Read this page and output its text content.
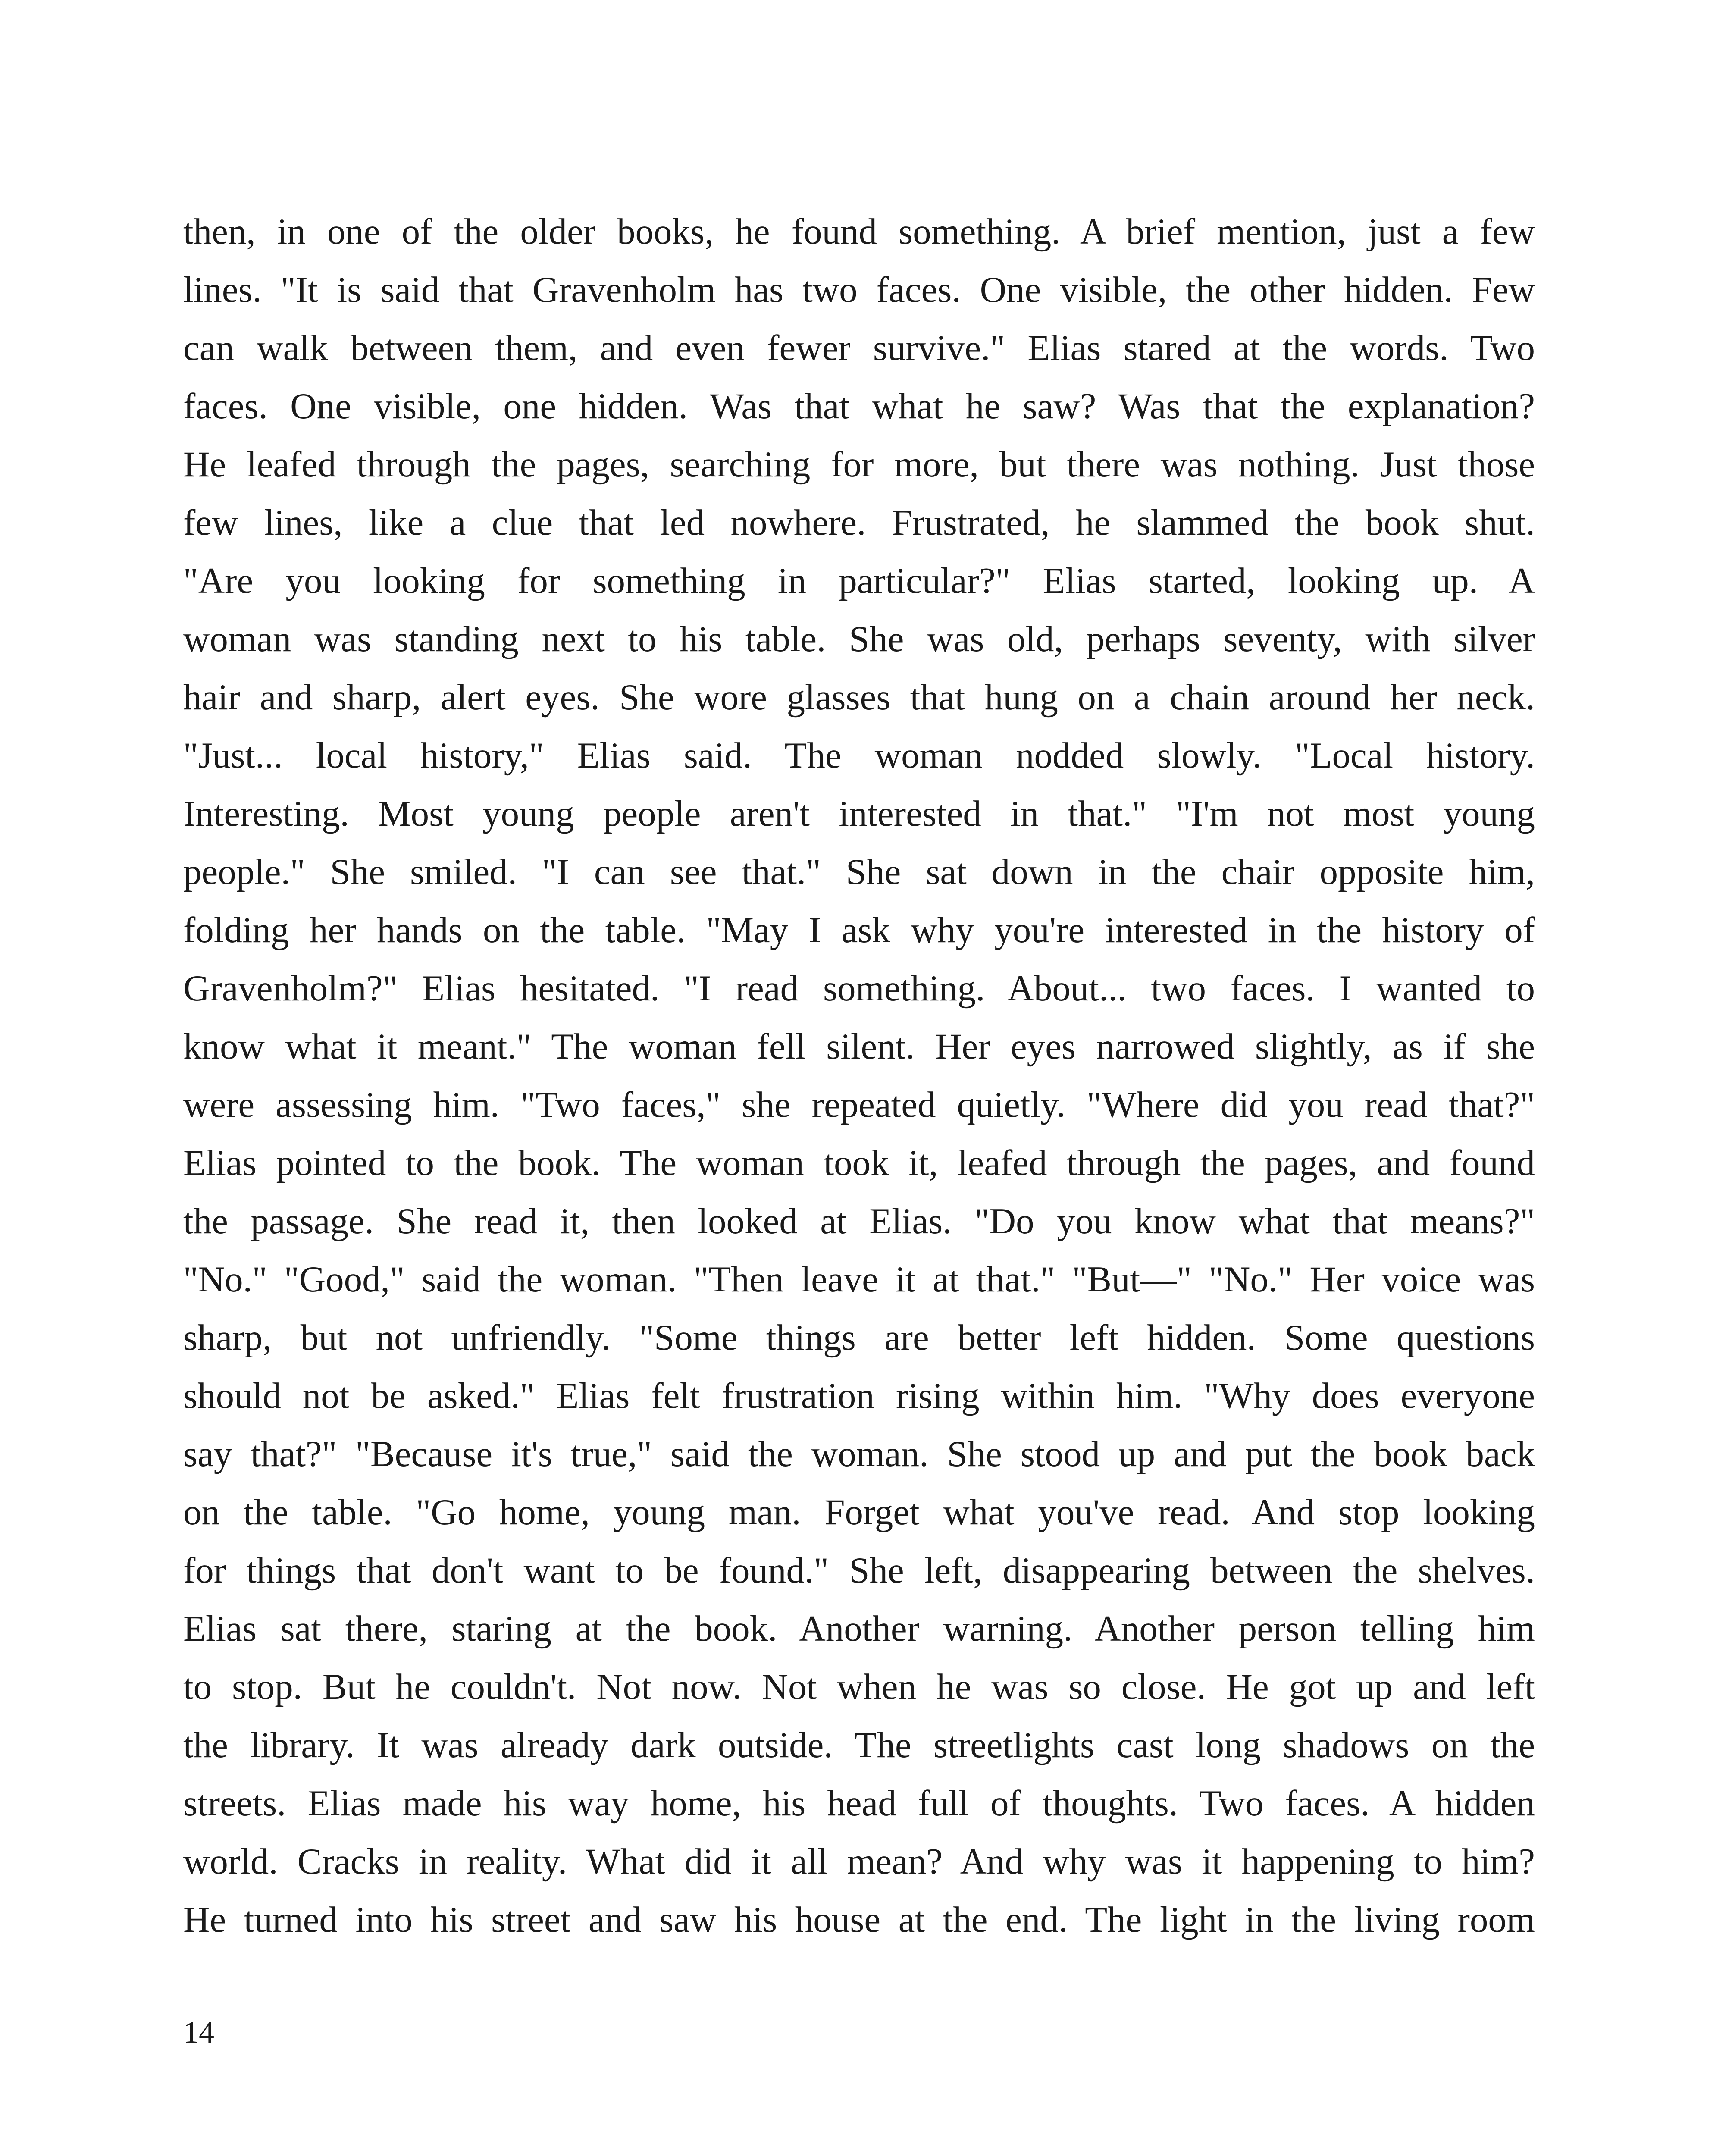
then, in one of the older books, he found something. A brief mention, just a few
lines. "It is said that Gravenholm has two faces. One visible, the other hidden. Few
can walk between them, and even fewer survive." Elias stared at the words. Two
faces. One visible, one hidden. Was that what he saw? Was that the explanation?
He leafed through the pages, searching for more, but there was nothing. Just those
few lines, like a clue that led nowhere. Frustrated, he slammed the book shut.
"Are you looking for something in particular?" Elias started, looking up. A
woman was standing next to his table. She was old, perhaps seventy, with silver
hair and sharp, alert eyes. She wore glasses that hung on a chain around her neck.
"Just... local history," Elias said. The woman nodded slowly. "Local history.
Interesting. Most young people aren't interested in that." "I'm not most young
people." She smiled. "I can see that." She sat down in the chair opposite him,
folding her hands on the table. "May I ask why you're interested in the history of
Gravenholm?" Elias hesitated. "I read something. About... two faces. I wanted to
know what it meant." The woman fell silent. Her eyes narrowed slightly, as if she
were assessing him. "Two faces," she repeated quietly. "Where did you read that?"
Elias pointed to the book. The woman took it, leafed through the pages, and found
the passage. She read it, then looked at Elias. "Do you know what that means?"
"No." "Good," said the woman. "Then leave it at that." "But—" "No." Her voice was
sharp, but not unfriendly. "Some things are better left hidden. Some questions
should not be asked." Elias felt frustration rising within him. "Why does everyone
say that?" "Because it's true," said the woman. She stood up and put the book back
on the table. "Go home, young man. Forget what you've read. And stop looking
for things that don't want to be found." She left, disappearing between the shelves.
Elias sat there, staring at the book. Another warning. Another person telling him
to stop. But he couldn't. Not now. Not when he was so close. He got up and left
the library. It was already dark outside. The streetlights cast long shadows on the
streets. Elias made his way home, his head full of thoughts. Two faces. A hidden
world. Cracks in reality. What did it all mean? And why was it happening to him?
He turned into his street and saw his house at the end. The light in the living room
14
